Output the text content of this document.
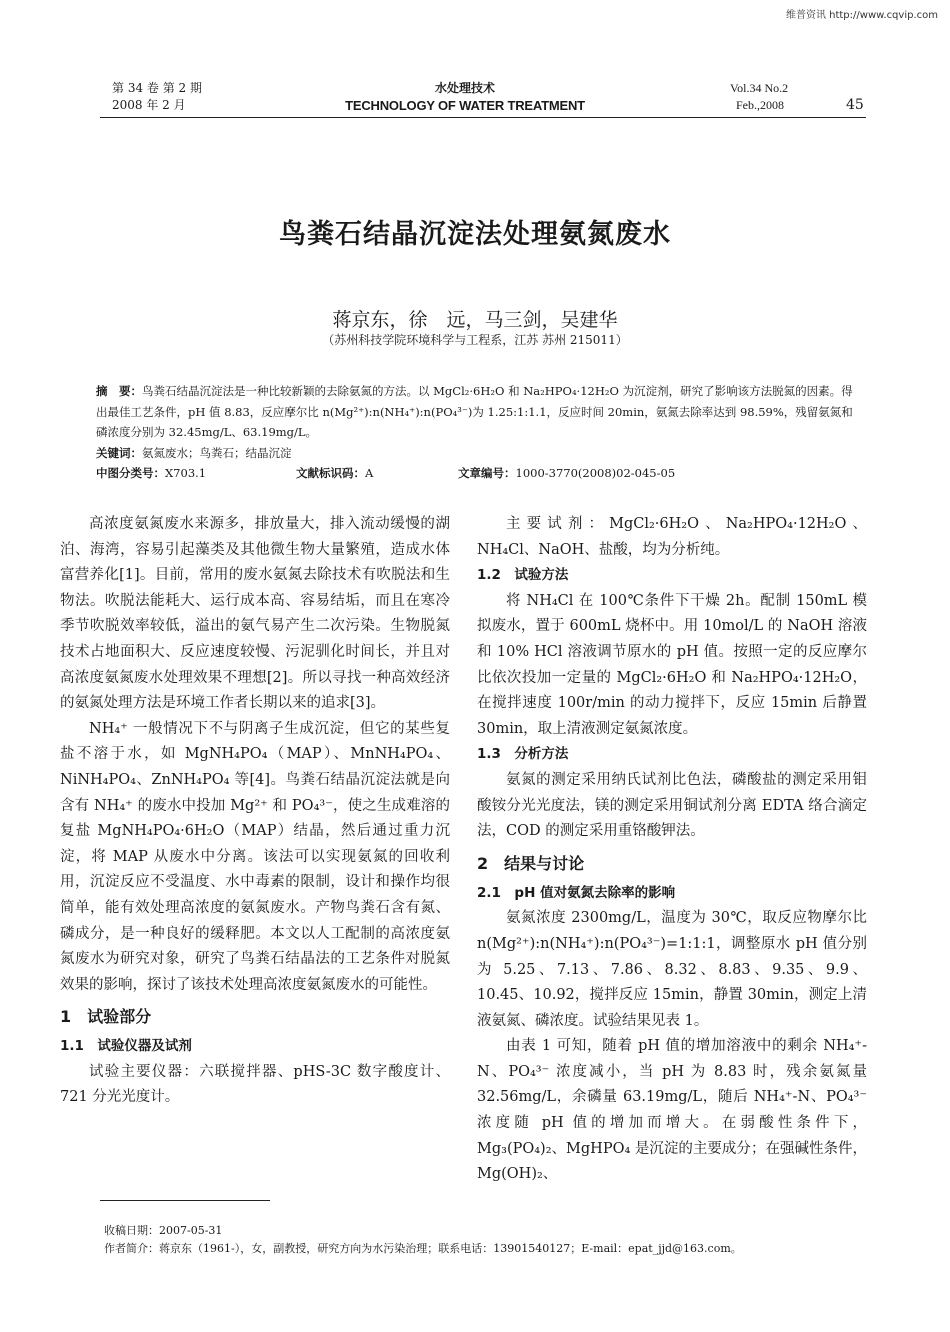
维普资讯 http://www.cqvip.com
第 34 卷 第 2 期
2008 年 2 月
水处理技术
TECHNOLOGY OF WATER TREATMENT
Vol.34 No.2
Feb.,2008	45
鸟粪石结晶沉淀法处理氨氮废水
蒋京东，徐　远，马三剑，吴建华
（苏州科技学院环境科学与工程系，江苏 苏州 215011）
摘　要：鸟粪石结晶沉淀法是一种比较新颖的去除氨氮的方法。以 MgCl₂·6H₂O 和 Na₂HPO₄·12H₂O 为沉淀剂，研究了影响该方法脱氮的因素。得出最佳工艺条件，pH 值 8.83，反应摩尔比 n(Mg²⁺):n(NH₄⁺):n(PO₄³⁻)为 1.25:1:1.1，反应时间 20min，氨氮去除率达到 98.59%，残留氨氮和磷浓度分别为 32.45mg/L、63.19mg/L。
关键词：氨氮废水；鸟粪石；结晶沉淀
中图分类号：X703.1	文献标识码：A	文章编号：1000-3770(2008)02-045-05

高浓度氨氮废水来源多，排放量大，排入流动缓慢的湖泊、海湾，容易引起藻类及其他微生物大量繁殖，造成水体富营养化[1]。目前，常用的废水氨氮去除技术有吹脱法和生物法。吹脱法能耗大、运行成本高、容易结垢，而且在寒冷季节吹脱效率较低，溢出的氨气易产生二次污染。生物脱氮技术占地面积大、反应速度较慢、污泥驯化时间长，并且对高浓度氨氮废水处理效果不理想[2]。所以寻找一种高效经济的氨氮处理方法是环境工作者长期以来的追求[3]。

NH₄⁺ 一般情况下不与阴离子生成沉淀，但它的某些复盐不溶于水，如 MgNH₄PO₄（MAP）、MnNH₄PO₄、NiNH₄PO₄、ZnNH₄PO₄ 等[4]。鸟粪石结晶沉淀法就是向含有 NH₄⁺ 的废水中投加 Mg²⁺ 和 PO₄³⁻，使之生成难溶的复盐 MgNH₄PO₄·6H₂O（MAP）结晶，然后通过重力沉淀，将 MAP 从废水中分离。该法可以实现氨氮的回收利用，沉淀反应不受温度、水中毒素的限制，设计和操作均很简单，能有效处理高浓度的氨氮废水。产物鸟粪石含有氮、磷成分，是一种良好的缓释肥。本文以人工配制的高浓度氨氮废水为研究对象，研究了鸟粪石结晶法的工艺条件对脱氮效果的影响，探讨了该技术处理高浓度氨氮废水的可能性。

1　试验部分
1.1　试验仪器及试剂

试验主要仪器：六联搅拌器、pHS-3C 数字酸度计、721 分光光度计。

主要试剂：MgCl₂·6H₂O、Na₂HPO₄·12H₂O、NH₄Cl、NaOH、盐酸，均为分析纯。

1.2　试验方法

将 NH₄Cl 在 100℃条件下干燥 2h。配制 150mL 模拟废水，置于 600mL 烧杯中。用 10mol/L 的 NaOH 溶液和 10% HCl 溶液调节原水的 pH 值。按照一定的反应摩尔比依次投加一定量的 MgCl₂·6H₂O 和 Na₂HPO₄·12H₂O，在搅拌速度 100r/min 的动力搅拌下，反应 15min 后静置 30min，取上清液测定氨氮浓度。

1.3　分析方法

氨氮的测定采用纳氏试剂比色法，磷酸盐的测定采用钼酸铵分光光度法，镁的测定采用铜试剂分离 EDTA 络合滴定法，COD 的测定采用重铬酸钾法。

2　结果与讨论
2.1　pH 值对氨氮去除率的影响

氨氮浓度 2300mg/L，温度为 30℃，取反应物摩尔比 n(Mg²⁺):n(NH₄⁺):n(PO₄³⁻)=1:1:1，调整原水 pH 值分别为 5.25、7.13、7.86、8.32、8.83、9.35、9.9、10.45、10.92，搅拌反应 15min，静置 30min，测定上清液氨氮、磷浓度。试验结果见表 1。

由表 1 可知，随着 pH 值的增加溶液中的剩余 NH₄⁺-N、PO₄³⁻ 浓度减小，当 pH 为 8.83 时，残余氨氮量 32.56mg/L，余磷量 63.19mg/L，随后 NH₄⁺-N、PO₄³⁻ 浓度随 pH 值的增加而增大。在弱酸性条件下，Mg₃(PO₄)₂、MgHPO₄ 是沉淀的主要成分；在强碱性条件，Mg(OH)₂、

收稿日期：2007-05-31
作者简介：蒋京东（1961-），女，副教授，研究方向为水污染治理；联系电话：13901540127；E-mail：epat_jjd@163.com。
